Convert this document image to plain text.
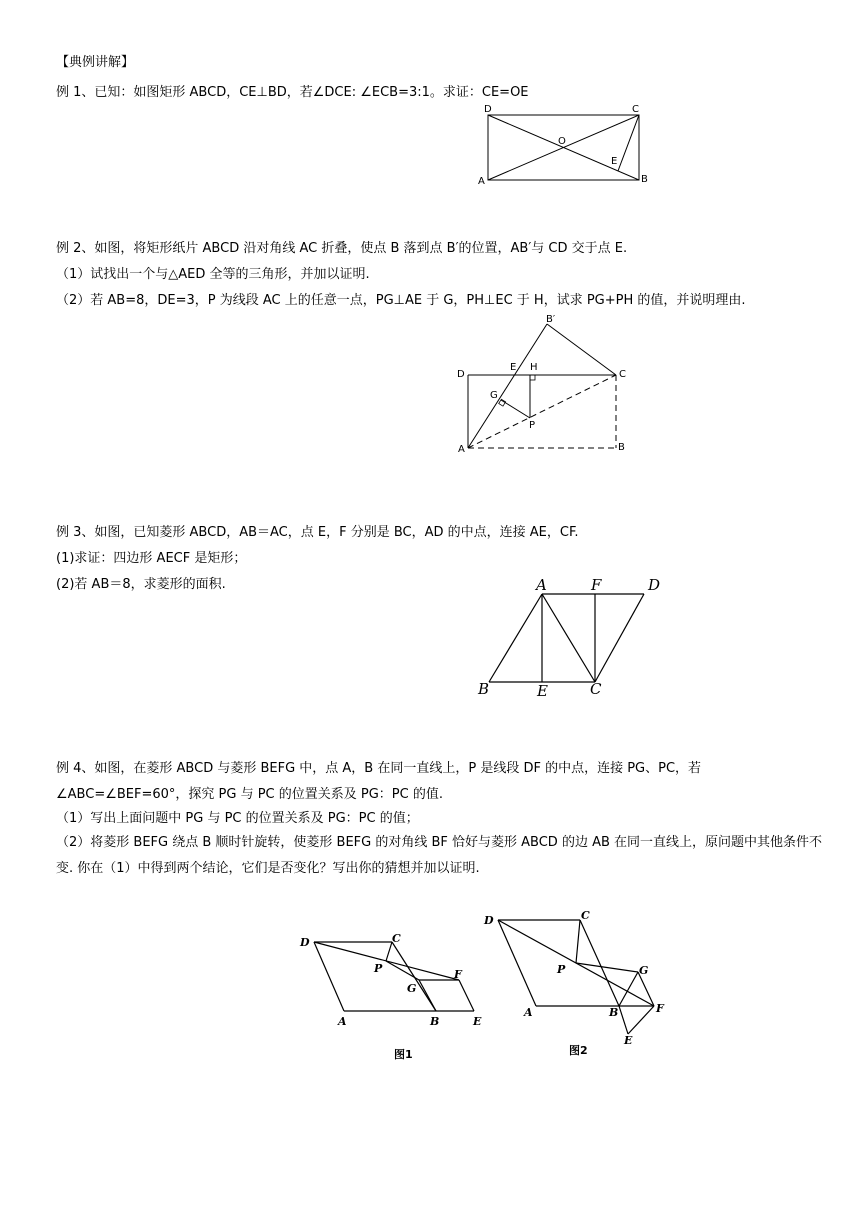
【典例讲解】
例 1、已知：如图矩形 ABCD，CE⊥BD，若∠DCE: ∠ECB=3:1。求证：CE=OE
D	C
O
E
A	B
例 2、如图，将矩形纸片 ABCD 沿对角线 AC 折叠，使点 B 落到点 B′的位置，AB′与 CD 交于点 E.
（1）试找出一个与△AED 全等的三角形，并加以证明.
（2）若 AB=8，DE=3，P 为线段 AC 上的任意一点，PG⊥AE 于 G，PH⊥EC 于 H，试求 PG+PH 的值，并说明理由.
B′
D
E H
C
G
P
A	B
例 3、如图，已知菱形 ABCD，AB＝AC，点 E，F 分别是 BC，AD 的中点，连接 AE，CF.
(1)求证：四边形 AECF 是矩形；
(2)若 AB＝8，求菱形的面积.	A	F	D
B	E	C
例 4、如图，在菱形 ABCD 与菱形 BEFG 中，点 A，B 在同一直线上，P 是线段 DF 的中点，连接 PG、PC，若∠ABC=∠BEF=60°，探究 PG 与 PC 的位置关系及 PG：PC 的值.
（1）写出上面问题中 PG 与 PC 的位置关系及 PG：PC 的值；
（2）将菱形 BEFG 绕点 B 顺时针旋转，使菱形 BEFG 的对角线 BF 恰好与菱形 ABCD 的边 AB 在同一直线上，原问题中其他条件不变. 你在（1）中得到两个结论，它们是否变化？写出你的猜想并加以证明.
D	C
P	F
G
A	B	E
图1
D	C
P	G
F
A	B
E
图2
